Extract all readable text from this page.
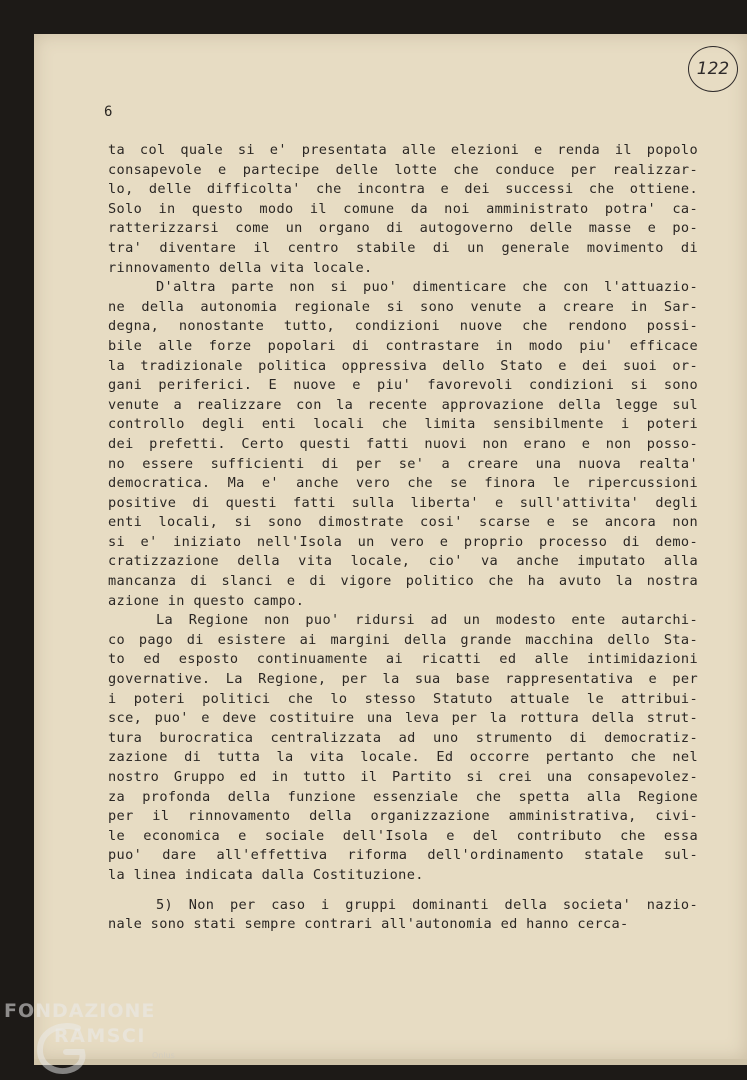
6
122
ta col quale si e' presentata alle elezioni e renda il popolo
consapevole e partecipe delle lotte che conduce per realizzar-
lo, delle difficolta' che incontra e dei successi che ottiene.
Solo in questo modo il comune da noi amministrato potra' ca-
ratterizzarsi come un organo di autogoverno delle masse e po-
tra' diventare il centro stabile di un generale movimento di
rinnovamento della vita locale.
D'altra parte non si puo' dimenticare che con l'attuazio-
ne della autonomia regionale si sono venute a creare in Sar-
degna, nonostante tutto, condizioni nuove che rendono possi-
bile alle forze popolari di contrastare in modo piu' efficace
la tradizionale politica oppressiva dello Stato e dei suoi or-
gani periferici. E nuove e piu' favorevoli condizioni si sono
venute a realizzare con la recente approvazione della legge sul
controllo degli enti locali che limita sensibilmente i poteri
dei prefetti. Certo questi fatti nuovi non erano e non posso-
no essere sufficienti di per se' a creare una nuova realta'
democratica. Ma e' anche vero che se finora le ripercussioni
positive di questi fatti sulla liberta' e sull'attivita' degli
enti locali, si sono dimostrate cosi' scarse e se ancora non
si e' iniziato nell'Isola un vero e proprio processo di demo-
cratizzazione della vita locale, cio' va anche imputato alla
mancanza di slanci e di vigore politico che ha avuto la nostra
azione in questo campo.
La Regione non puo' ridursi ad un modesto ente autarchi-
co pago di esistere ai margini della grande macchina dello Sta-
to ed esposto continuamente ai ricatti ed alle intimidazioni
governative. La Regione, per la sua base rappresentativa e per
i poteri politici che lo stesso Statuto attuale le attribui-
sce, puo' e deve costituire una leva per la rottura della strut-
tura burocratica centralizzata ad uno strumento di democratiz-
zazione di tutta la vita locale. Ed occorre pertanto che nel
nostro Gruppo ed in tutto il Partito si crei una consapevolez-
za profonda della funzione essenziale che spetta alla Regione
per il rinnovamento della organizzazione amministrativa, civi-
le economica e sociale dell'Isola e del contributo che essa
puo' dare all'effettiva riforma dell'ordinamento statale sul-
la linea indicata dalla Costituzione.
5) Non per caso i gruppi dominanti della societa' nazio-
nale sono stati sempre contrari all'autonomia ed hanno cerca-
FONDAZIONE
RAMSCI
Onlus
